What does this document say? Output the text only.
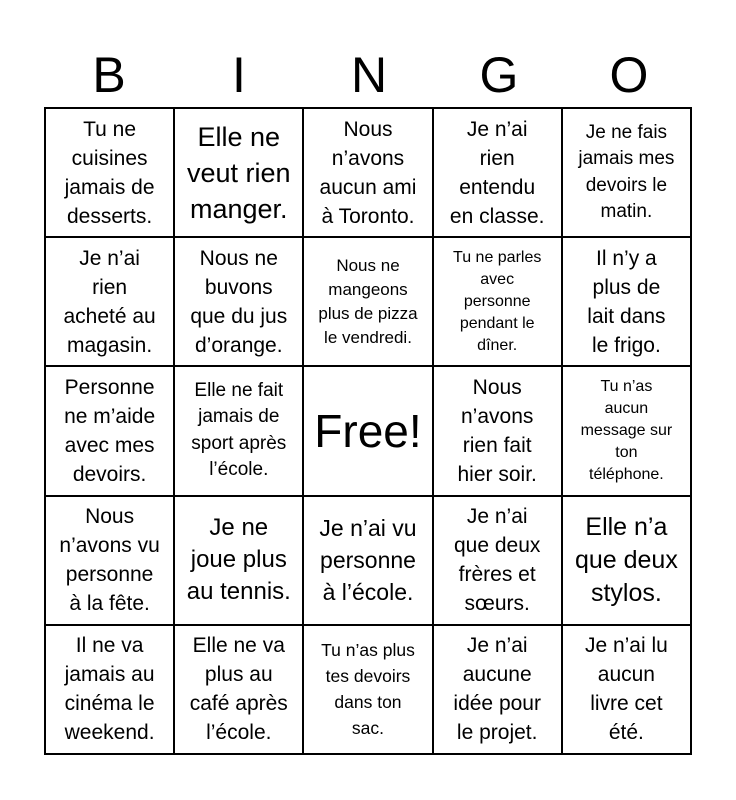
B	I	N	G	O
Tu ne
cuisines
jamais de
desserts.
Elle ne
veut rien
manger.
Nous
n’avons
aucun ami
à Toronto.
Je n’ai
rien
entendu
en classe.
Je ne fais
jamais mes
devoirs le
matin.
Je n’ai
rien
acheté au
magasin.
Nous ne
buvons
que du jus
d’orange.
Nous ne
mangeons
plus de pizza
le vendredi.
Tu ne parles
avec
personne
pendant le
dîner.
Il n’y a
plus de
lait dans
le frigo.
Personne
ne m’aide
avec mes
devoirs.
Elle ne fait
jamais de
sport après
l’école.
Free!
Nous
n’avons
rien fait
hier soir.
Tu n’as
aucun
message sur
ton
téléphone.
Nous
n’avons vu
personne
à la fête.
Je ne
joue plus
au tennis.
Je n’ai vu
personne
à l’école.
Je n’ai
que deux
frères et
sœurs.
Elle n’a
que deux
stylos.
Il ne va
jamais au
cinéma le
weekend.
Elle ne va
plus au
café après
l’école.
Tu n’as plus
tes devoirs
dans ton
sac.
Je n’ai
aucune
idée pour
le projet.
Je n’ai lu
aucun
livre cet
été.
